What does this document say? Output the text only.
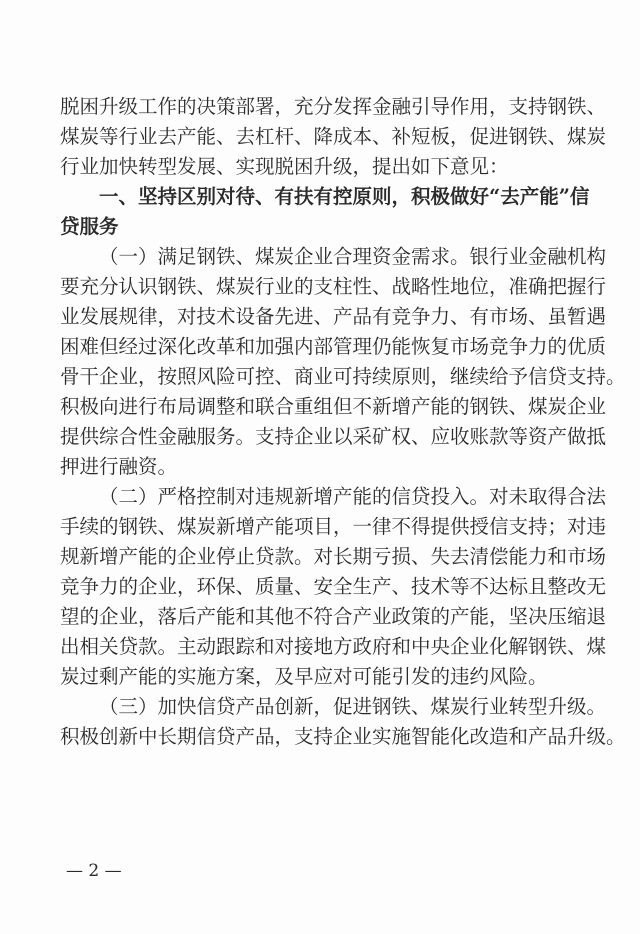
脱困升级工作的决策部署，充分发挥金融引导作用，支持钢铁、

煤炭等行业去产能、去杠杆、降成本、补短板，促进钢铁、煤炭

行业加快转型发展、实现脱困升级，提出如下意见：

一、坚持区别对待、有扶有控原则，积极做好“去产能”信

贷服务

（一）满足钢铁、煤炭企业合理资金需求。银行业金融机构

要充分认识钢铁、煤炭行业的支柱性、战略性地位，准确把握行

业发展规律，对技术设备先进、产品有竞争力、有市场、虽暂遇

困难但经过深化改革和加强内部管理仍能恢复市场竞争力的优质

骨干企业，按照风险可控、商业可持续原则，继续给予信贷支持。

积极向进行布局调整和联合重组但不新增产能的钢铁、煤炭企业

提供综合性金融服务。支持企业以采矿权、应收账款等资产做抵

押进行融资。

（二）严格控制对违规新增产能的信贷投入。对未取得合法

手续的钢铁、煤炭新增产能项目，一律不得提供授信支持；对违

规新增产能的企业停止贷款。对长期亏损、失去清偿能力和市场

竞争力的企业，环保、质量、安全生产、技术等不达标且整改无

望的企业，落后产能和其他不符合产业政策的产能，坚决压缩退

出相关贷款。主动跟踪和对接地方政府和中央企业化解钢铁、煤

炭过剩产能的实施方案，及早应对可能引发的违约风险。

（三）加快信贷产品创新，促进钢铁、煤炭行业转型升级。

积极创新中长期信贷产品，支持企业实施智能化改造和产品升级。

— 2 —
